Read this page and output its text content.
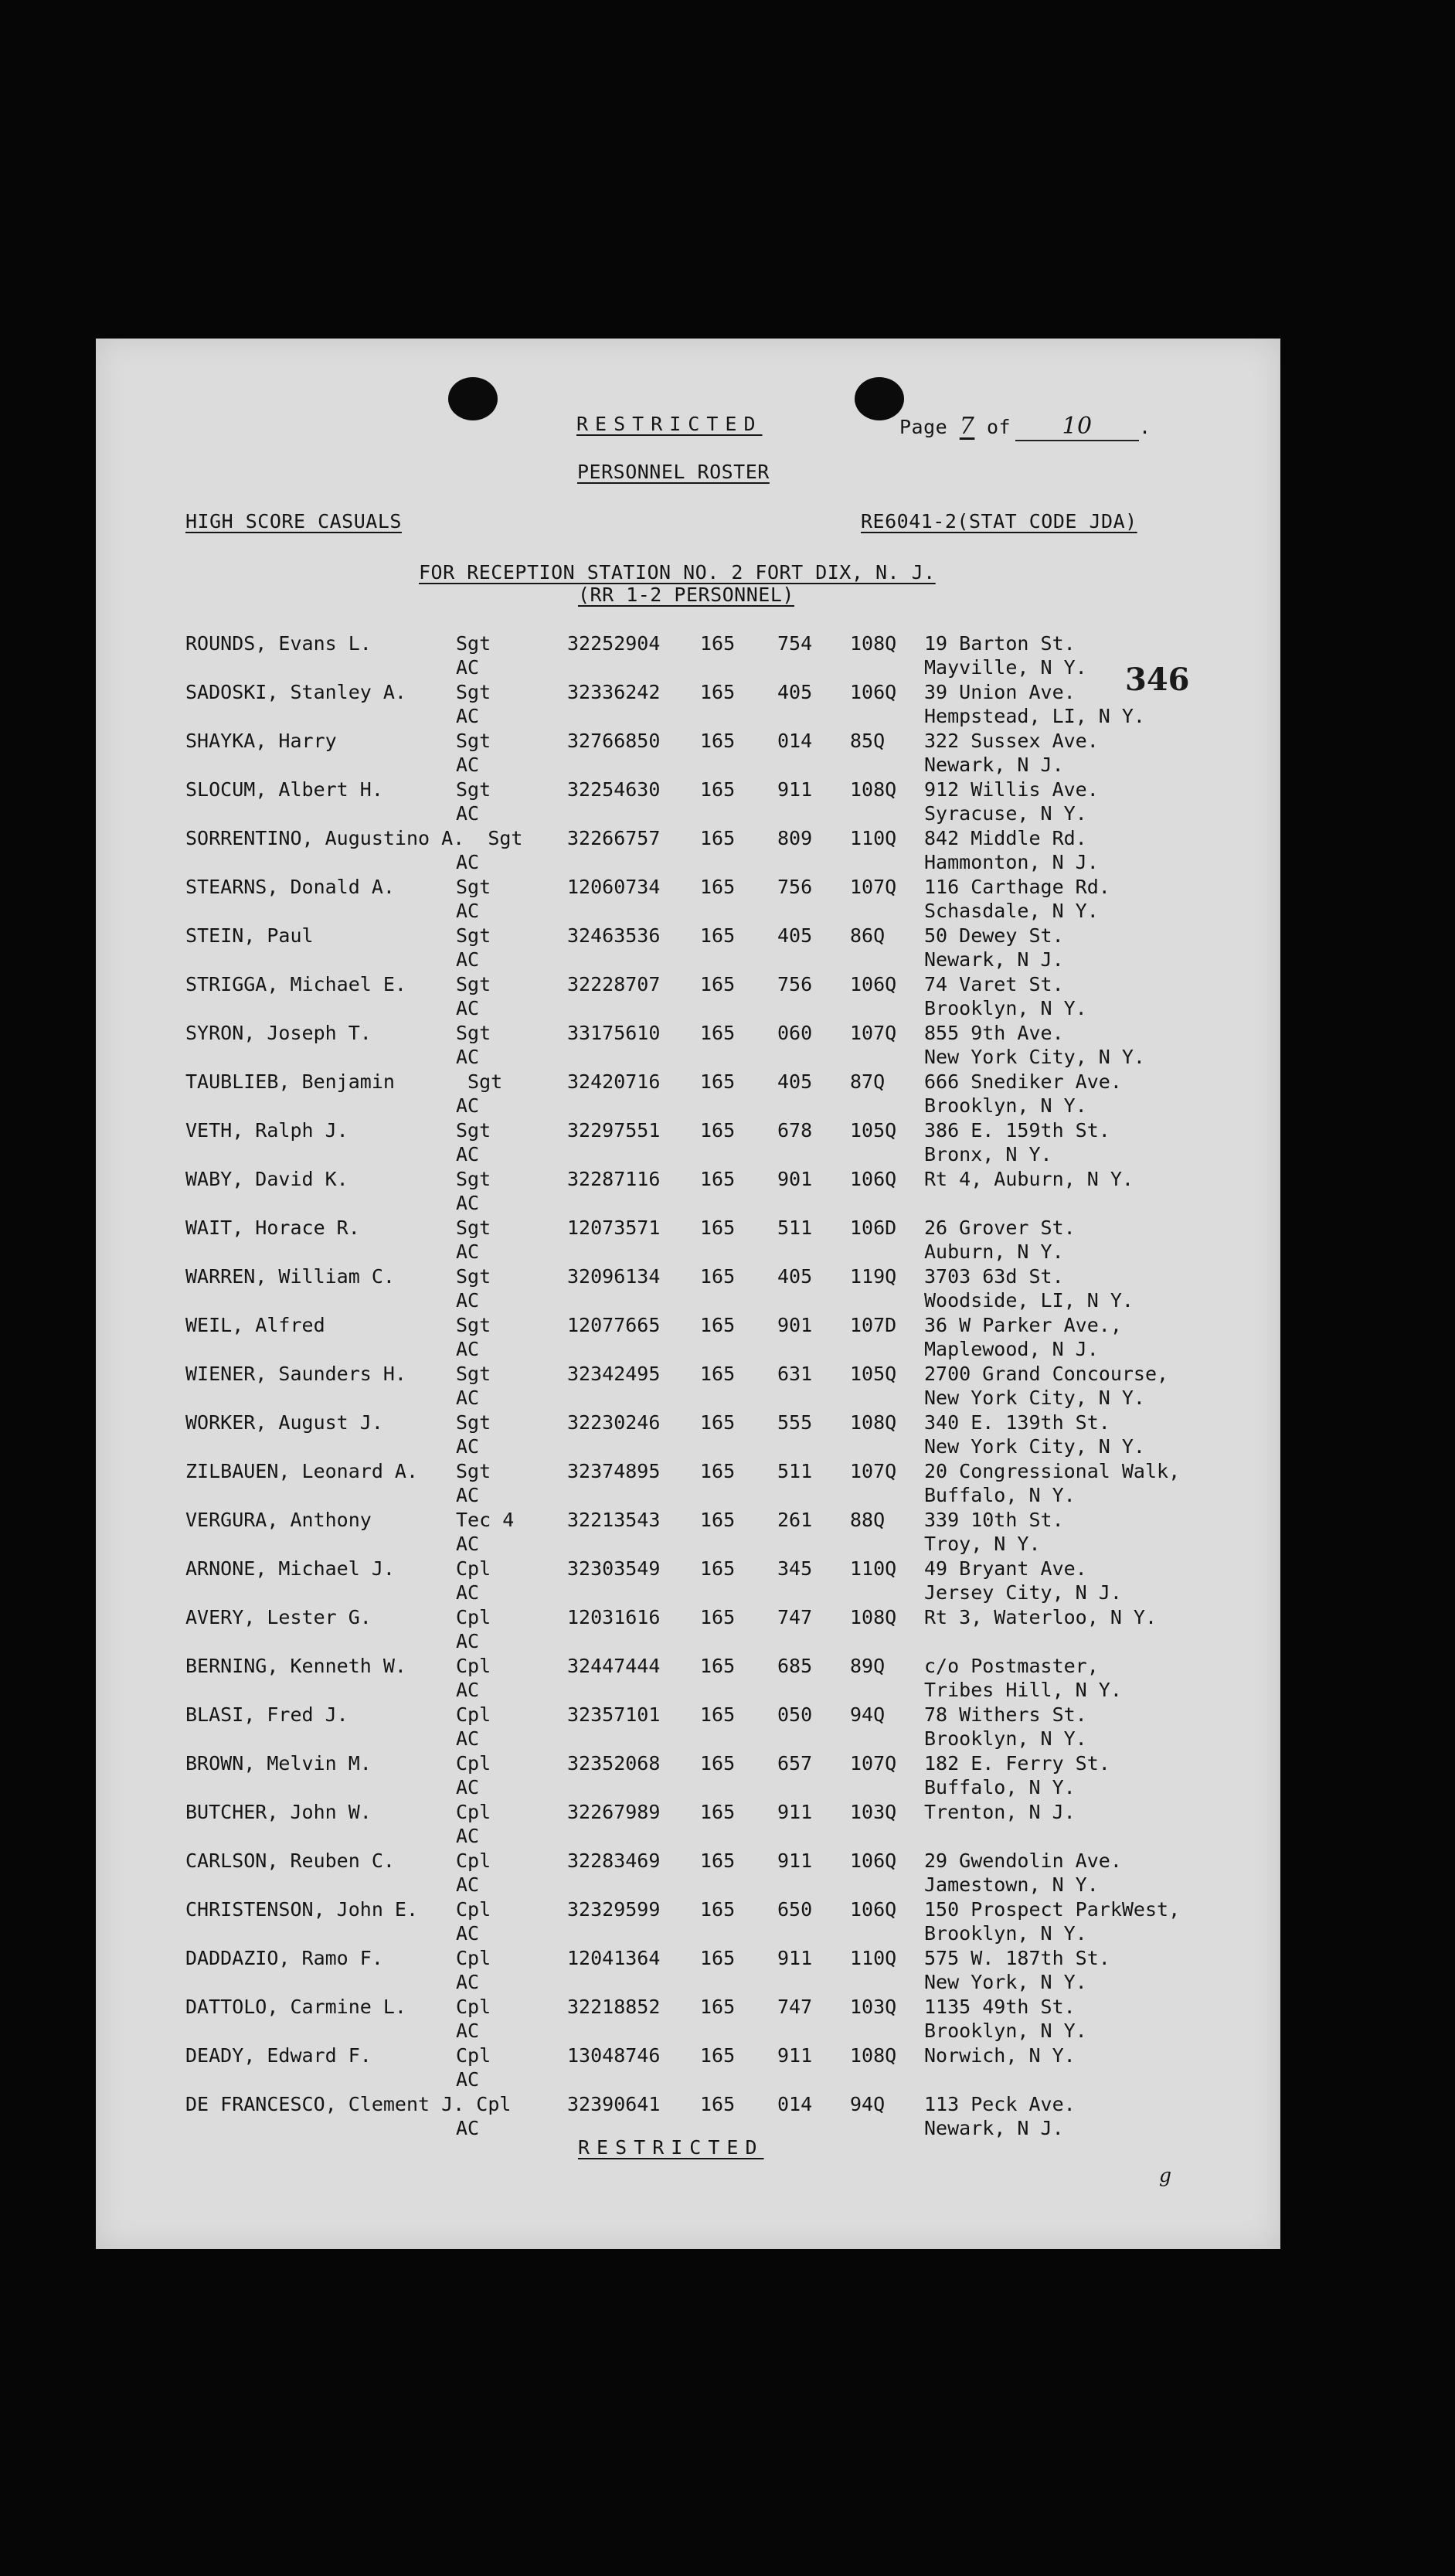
RESTRICTED	Page 7 of 10 .
PERSONNEL ROSTER
HIGH SCORE CASUALS	RE6041-2(STAT CODE JDA)
FOR RECEPTION STATION NO. 2 FORT DIX, N. J.
(RR 1-2 PERSONNEL)
346
ROUNDS, Evans L.	Sgt	32252904 165 754 108Q 19 Barton St.
AC	Mayville, N Y.
SADOSKI, Stanley A.	Sgt	32336242 165 405 106Q 39 Union Ave.
AC	Hempstead, LI, N Y.
SHAYKA, Harry	Sgt	32766850 165 014 85Q 322 Sussex Ave.
AC	Newark, N J.
SLOCUM, Albert H.	Sgt	32254630 165 911 108Q 912 Willis Ave.
AC	Syracuse, N Y.
SORRENTINO, Augustino A.  Sgt 32266757 165 809 110Q 842 Middle Rd.
AC	Hammonton, N J.
STEARNS, Donald A.	Sgt	12060734 165 756 107Q 116 Carthage Rd.
AC	Schasdale, N Y.
STEIN, Paul	Sgt	32463536 165 405 86Q 50 Dewey St.
AC	Newark, N J.
STRIGGA, Michael E.	Sgt	32228707 165 756 106Q 74 Varet St.
AC	Brooklyn, N Y.
SYRON, Joseph T.	Sgt	33175610 165 060 107Q 855 9th Ave.
AC	New York City, N Y.
TAUBLIEB, Benjamin	Sgt	32420716 165 405 87Q 666 Snediker Ave.
AC	Brooklyn, N Y.
VETH, Ralph J.	Sgt	32297551 165 678 105Q 386 E. 159th St.
AC	Bronx, N Y.
WABY, David K.	Sgt	32287116 165 901 106Q Rt 4, Auburn, N Y.
AC
WAIT, Horace R.	Sgt	12073571 165 511 106D 26 Grover St.
AC	Auburn, N Y.
WARREN, William C.	Sgt	32096134 165 405 119Q 3703 63d St.
AC	Woodside, LI, N Y.
WEIL, Alfred	Sgt	12077665 165 901 107D 36 W Parker Ave.,
AC	Maplewood, N J.
WIENER, Saunders H.	Sgt	32342495 165 631 105Q 2700 Grand Concourse,
AC	New York City, N Y.
WORKER, August J.	Sgt	32230246 165 555 108Q 340 E. 139th St.
AC	New York City, N Y.
ZILBAUEN, Leonard A. Sgt	32374895 165 511 107Q 20 Congressional Walk,
AC	Buffalo, N Y.
VERGURA, Anthony	Tec 4	32213543 165 261 88Q 339 10th St.
AC	Troy, N Y.
ARNONE, Michael J.	Cpl	32303549 165 345 110Q 49 Bryant Ave.
AC	Jersey City, N J.
AVERY, Lester G.	Cpl	12031616 165 747 108Q Rt 3, Waterloo, N Y.
AC
BERNING, Kenneth W.	Cpl	32447444 165 685 89Q c/o Postmaster,
AC	Tribes Hill, N Y.
BLASI, Fred J.	Cpl	32357101 165 050 94Q 78 Withers St.
AC	Brooklyn, N Y.
BROWN, Melvin M.	Cpl	32352068 165 657 107Q 182 E. Ferry St.
AC	Buffalo, N Y.
BUTCHER, John W.	Cpl	32267989 165 911 103Q Trenton, N J.
AC
CARLSON, Reuben C.	Cpl	32283469 165 911 106Q 29 Gwendolin Ave.
AC	Jamestown, N Y.
CHRISTENSON, John E. Cpl	32329599 165 650 106Q 150 Prospect ParkWest,
AC	Brooklyn, N Y.
DADDAZIO, Ramo F.	Cpl	12041364 165 911 110Q 575 W. 187th St.
AC	New York, N Y.
DATTOLO, Carmine L.	Cpl	32218852 165 747 103Q 1135 49th St.
AC	Brooklyn, N Y.
DEADY, Edward F.	Cpl	13048746 165 911 108Q Norwich, N Y.
AC
DE FRANCESCO, Clement J. Cpl	32390641 165 014 94Q 113 Peck Ave.
AC	Newark, N J.
RESTRICTED
g
